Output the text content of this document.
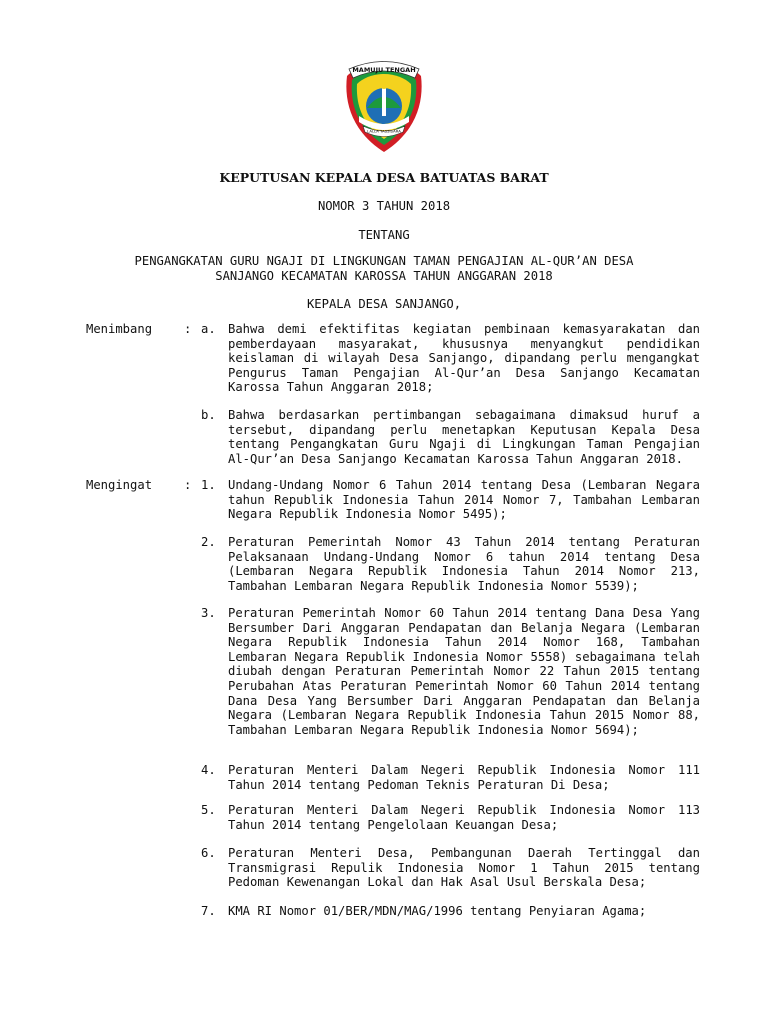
MAMUJU TENGAH
LALLA TASSISARA
KEPUTUSAN KEPALA DESA BATUATAS BARAT
NOMOR 3 TAHUN 2018
TENTANG
PENGANGKATAN GURU NGAJI DI LINGKUNGAN TAMAN PENGAJIAN AL-QUR’AN DESA
SANJANGO KECAMATAN KAROSSA TAHUN ANGGARAN 2018
KEPALA DESA SANJANGO,
Menimbang	: a.	Bahwa demi efektifitas kegiatan pembinaan kemasyarakatan dan pemberdayaan masyarakat, khususnya menyangkut pendidikan keislaman di wilayah Desa Sanjango, dipandang perlu mengangkat Pengurus Taman Pengajian Al-Qur’an Desa Sanjango Kecamatan Karossa Tahun Anggaran 2018;
b.	Bahwa berdasarkan pertimbangan sebagaimana dimaksud huruf a tersebut, dipandang perlu menetapkan Keputusan Kepala Desa tentang Pengangkatan Guru Ngaji di Lingkungan Taman Pengajian Al-Qur’an Desa Sanjango Kecamatan Karossa Tahun Anggaran 2018.
Mengingat	: 1.	Undang-Undang Nomor 6 Tahun 2014 tentang Desa (Lembaran Negara tahun Republik Indonesia Tahun 2014 Nomor 7, Tambahan Lembaran Negara Republik Indonesia Nomor 5495);
2.	Peraturan Pemerintah Nomor 43 Tahun 2014 tentang Peraturan Pelaksanaan Undang-Undang Nomor 6 tahun 2014 tentang Desa (Lembaran Negara Republik Indonesia Tahun 2014 Nomor 213, Tambahan Lembaran Negara Republik Indonesia Nomor 5539);
3.	Peraturan Pemerintah Nomor 60 Tahun 2014 tentang Dana Desa Yang Bersumber Dari Anggaran Pendapatan dan Belanja Negara (Lembaran Negara Republik Indonesia Tahun 2014 Nomor 168, Tambahan Lembaran Negara Republik Indonesia Nomor 5558) sebagaimana telah diubah dengan Peraturan Pemerintah Nomor 22 Tahun 2015 tentang Perubahan Atas Peraturan Pemerintah Nomor 60 Tahun 2014 tentang Dana Desa Yang Bersumber Dari Anggaran Pendapatan dan Belanja Negara (Lembaran Negara Republik Indonesia Tahun 2015 Nomor 88, Tambahan Lembaran Negara Republik Indonesia Nomor 5694);
4.	Peraturan Menteri Dalam Negeri Republik Indonesia Nomor 111 Tahun 2014 tentang Pedoman Teknis Peraturan Di Desa;
5.	Peraturan Menteri Dalam Negeri Republik Indonesia Nomor 113 Tahun 2014 tentang Pengelolaan Keuangan Desa;
6.	Peraturan Menteri Desa, Pembangunan Daerah Tertinggal dan Transmigrasi Repulik Indonesia Nomor 1 Tahun 2015 tentang Pedoman Kewenangan Lokal dan Hak Asal Usul Berskala Desa;
7.	KMA RI Nomor 01/BER/MDN/MAG/1996 tentang Penyiaran Agama;
